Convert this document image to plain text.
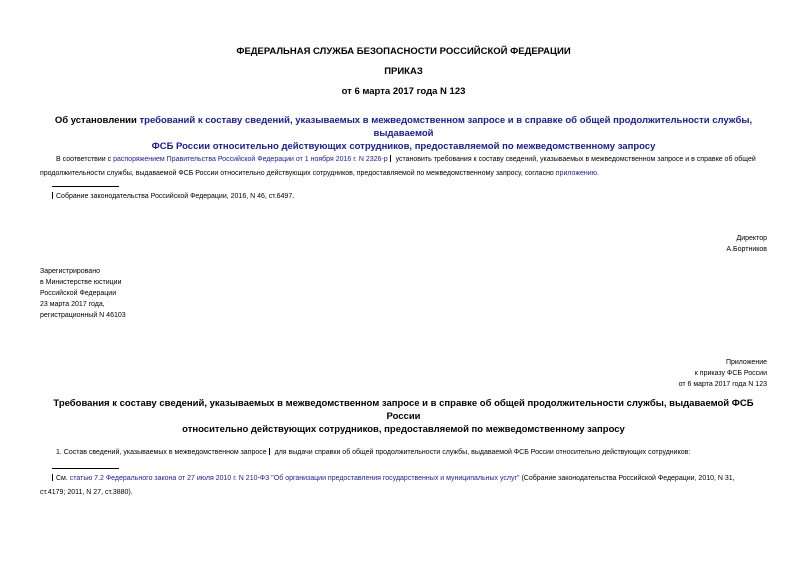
ФЕДЕРАЛЬНАЯ СЛУЖБА БЕЗОПАСНОСТИ РОССИЙСКОЙ ФЕДЕРАЦИИ
ПРИКАЗ
от 6 марта 2017 года N 123
Об установлении требований к составу сведений, указываемых в межведомственном запросе и в справке об общей продолжительности службы, выдаваемой
ФСБ России относительно действующих сотрудников, предоставляемой по межведомственному запросу
В соответствии с распоряжением Правительства Российской Федерации от 1 ноября 2016 г. N 2326-р установить требования к составу сведений, указываемых в межведомственном запросе и в справке об общей
продолжительности службы, выдаваемой ФСБ России относительно действующих сотрудников, предоставляемой по межведомственному запросу, согласно приложению.
Собрание законодательства Российской Федерации, 2016, N 46, ст.6497.
Директор
А.Бортников
Зарегистрировано
в Министерстве юстиции
Российской Федерации
23 марта 2017 года,
регистрационный N 46103
Приложение
к приказу ФСБ России
от 6 марта 2017 года N 123
Требования к составу сведений, указываемых в межведомственном запросе и в справке об общей продолжительности службы, выдаваемой ФСБ России
относительно действующих сотрудников, предоставляемой по межведомственному запросу
1. Состав сведений, указываемых в межведомственном запросе для выдачи справки об общей продолжительности службы, выдаваемой ФСБ России относительно действующих сотрудников:
См. статью 7.2 Федерального закона от 27 июля 2010 г. N 210-ФЗ "Об организации предоставления государственных и муниципальных услуг" (Собрание законодательства Российской Федерации, 2010, N 31,
ст.4179; 2011, N 27, ст.3880).
